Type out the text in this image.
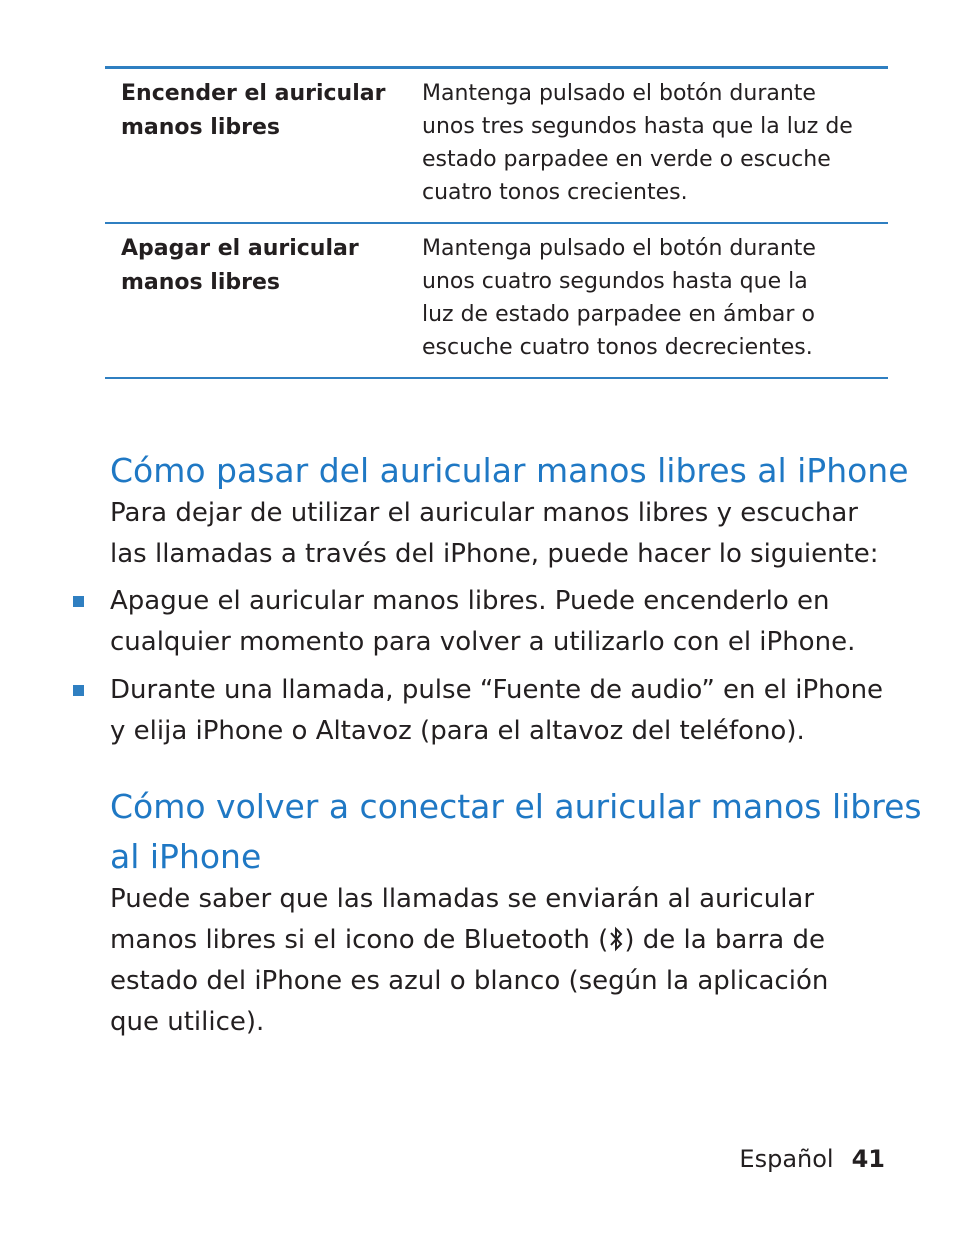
Encender el auricular
manos libres
Mantenga pulsado el botón durante
unos tres segundos hasta que la luz de
estado parpadee en verde o escuche
cuatro tonos crecientes.
Apagar el auricular
manos libres
Mantenga pulsado el botón durante
unos cuatro segundos hasta que la
luz de estado parpadee en ámbar o
escuche cuatro tonos decrecientes.
Cómo pasar del auricular manos libres al iPhone

Para dejar de utilizar el auricular manos libres y escuchar
las llamadas a través del iPhone, puede hacer lo siguiente:

Apague el auricular manos libres. Puede encenderlo en
cualquier momento para volver a utilizarlo con el iPhone.
Durante una llamada, pulse “Fuente de audio” en el iPhone
y elija iPhone o Altavoz (para el altavoz del teléfono).
Cómo volver a conectar el auricular manos libres
al iPhone

Puede saber que las llamadas se enviarán al auricular
manos libres si el icono de Bluetooth ( ) de la barra de
estado del iPhone es azul o blanco (según la aplicación
que utilice).

Español 41
